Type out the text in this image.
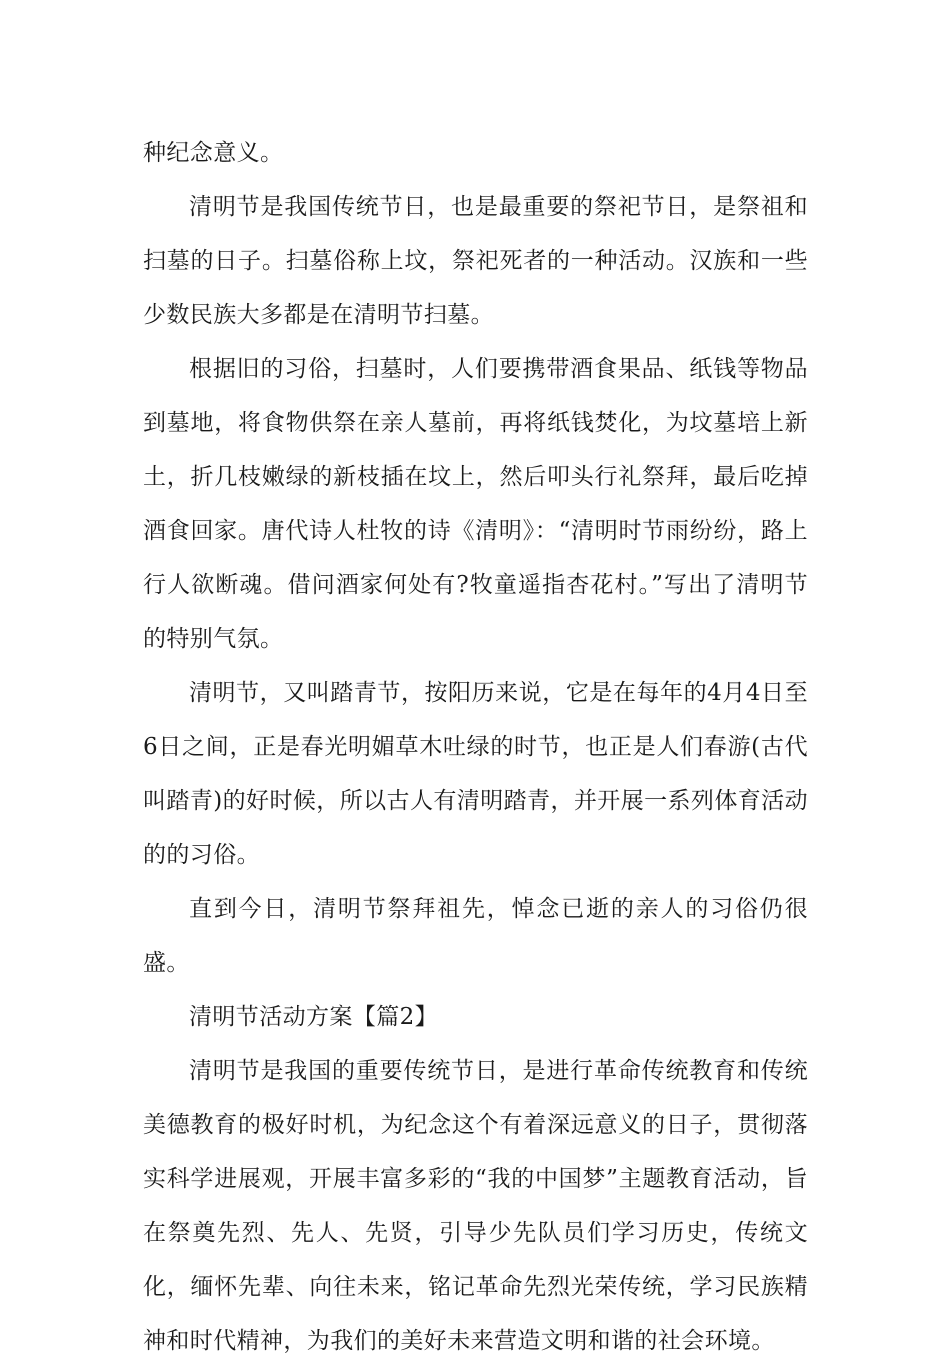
种纪念意义。

清明节是我国传统节日，也是最重要的祭祀节日，是祭祖和扫墓的日子。扫墓俗称上坟，祭祀死者的一种活动。汉族和一些少数民族大多都是在清明节扫墓。

根据旧的习俗，扫墓时，人们要携带酒食果品、纸钱等物品到墓地，将食物供祭在亲人墓前，再将纸钱焚化，为坟墓培上新土，折几枝嫩绿的新枝插在坟上，然后叩头行礼祭拜，最后吃掉酒食回家。唐代诗人杜牧的诗《清明》：“清明时节雨纷纷，路上行人欲断魂。借问酒家何处有?牧童遥指杏花村。”写出了清明节的特别气氛。

清明节，又叫踏青节，按阳历来说，它是在每年的4月4日至6日之间，正是春光明媚草木吐绿的时节，也正是人们春游(古代叫踏青)的好时候，所以古人有清明踏青，并开展一系列体育活动的的习俗。

直到今日，清明节祭拜祖先，悼念已逝的亲人的习俗仍很盛。

清明节活动方案【篇2】

清明节是我国的重要传统节日，是进行革命传统教育和传统美德教育的极好时机，为纪念这个有着深远意义的日子，贯彻落实科学进展观，开展丰富多彩的“我的中国梦”主题教育活动，旨在祭奠先烈、先人、先贤，引导少先队员们学习历史，传统文化，缅怀先辈、向往未来，铭记革命先烈光荣传统，学习民族精神和时代精神，为我们的美好未来营造文明和谐的社会环境。
